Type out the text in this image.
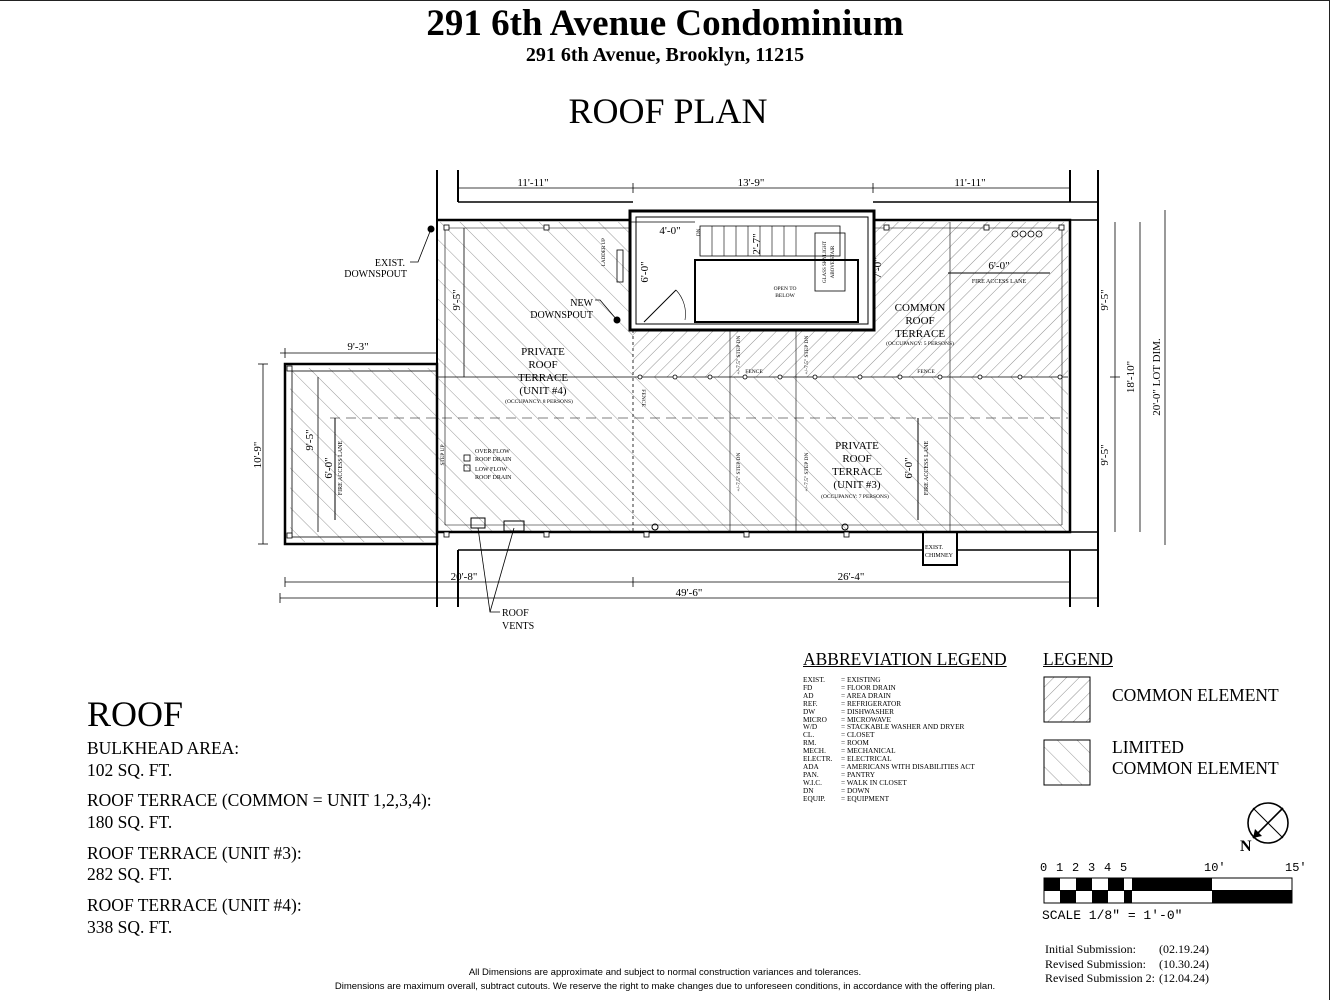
291 6th Avenue Condominium
291 6th Avenue, Brooklyn, 11215
ROOF PLAN
11'-11"	13'-9"	11'-11"
4'-0"
2'-7"
6'-0"	7'-0"
9'-3"
10'-9"
9'-5"
6'-0"
9'-5"	9'-5"
9'-5"
18'-10" 20'-0" LOT DIM.
6'-0"
6'-0"
20'-8"	26'-4"
49'-6"
EXIST.
DOWNSPOUT
NEW
DOWNSPOUT
LADDER UP
DN
OPEN TO
BELOW
GLASS SKYLIGHT ABOVE STAIR
COMMON
ROOF
TERRACE
(OCCUPANCY: 5 PERSONS)
FIRE ACCESS LANE
FIRE ACCESS LANE	FIRE ACCESS LANE
PRIVATE
ROOF
TERRACE
(UNIT #4)
(OCCUPANCY: 8 PERSONS)
PRIVATE
ROOF
TERRACE
(UNIT #3)
(OCCUPANCY: 7 PERSONS)
FENCE	FENCE
FENCE
STEP UP
+/-7.5" STEP DN	+/-7.5" STEP DN
+/-7.5" STEP DN	+/-7.5" STEP DN
OVER FLOW
ROOF DRAIN
LOW FLOW
ROOF DRAIN
EXIST.
CHIMNEY
ROOF
VENTS
ROOF
BULKHEAD AREA:
102 SQ. FT.
ROOF TERRACE (COMMON = UNIT 1,2,3,4):
180 SQ. FT.
ROOF TERRACE (UNIT #3):
282 SQ. FT.
ROOF TERRACE (UNIT #4):
338 SQ. FT.
ABBREVIATION LEGEND
EXIST.	= EXISTING
FD	= FLOOR DRAIN
AD	= AREA DRAIN
REF.	= REFRIGERATOR
DW	= DISHWASHER
MICRO	= MICROWAVE
W/D	= STACKABLE WASHER AND DRYER
CL.	= CLOSET
RM.	= ROOM
MECH.	= MECHANICAL
ELECTR.	= ELECTRICAL
ADA	= AMERICANS WITH DISABILITIES ACT
PAN.	= PANTRY
W.I.C.	= WALK IN CLOSET
DN	= DOWN
EQUIP.	= EQUIPMENT
LEGEND
COMMON ELEMENT
LIMITED
COMMON ELEMENT
N
0 1 2 3 4 5	10'	15'
SCALE 1/8" = 1'-0"
Initial Submission:	(02.19.24)
Revised Submission:	(10.30.24)
Revised Submission 2: (12.04.24)
All Dimensions are approximate and subject to normal construction variances and tolerances.
Dimensions are maximum overall, subtract cutouts. We reserve the right to make changes due to unforeseen conditions, in accordance with the offering plan.
